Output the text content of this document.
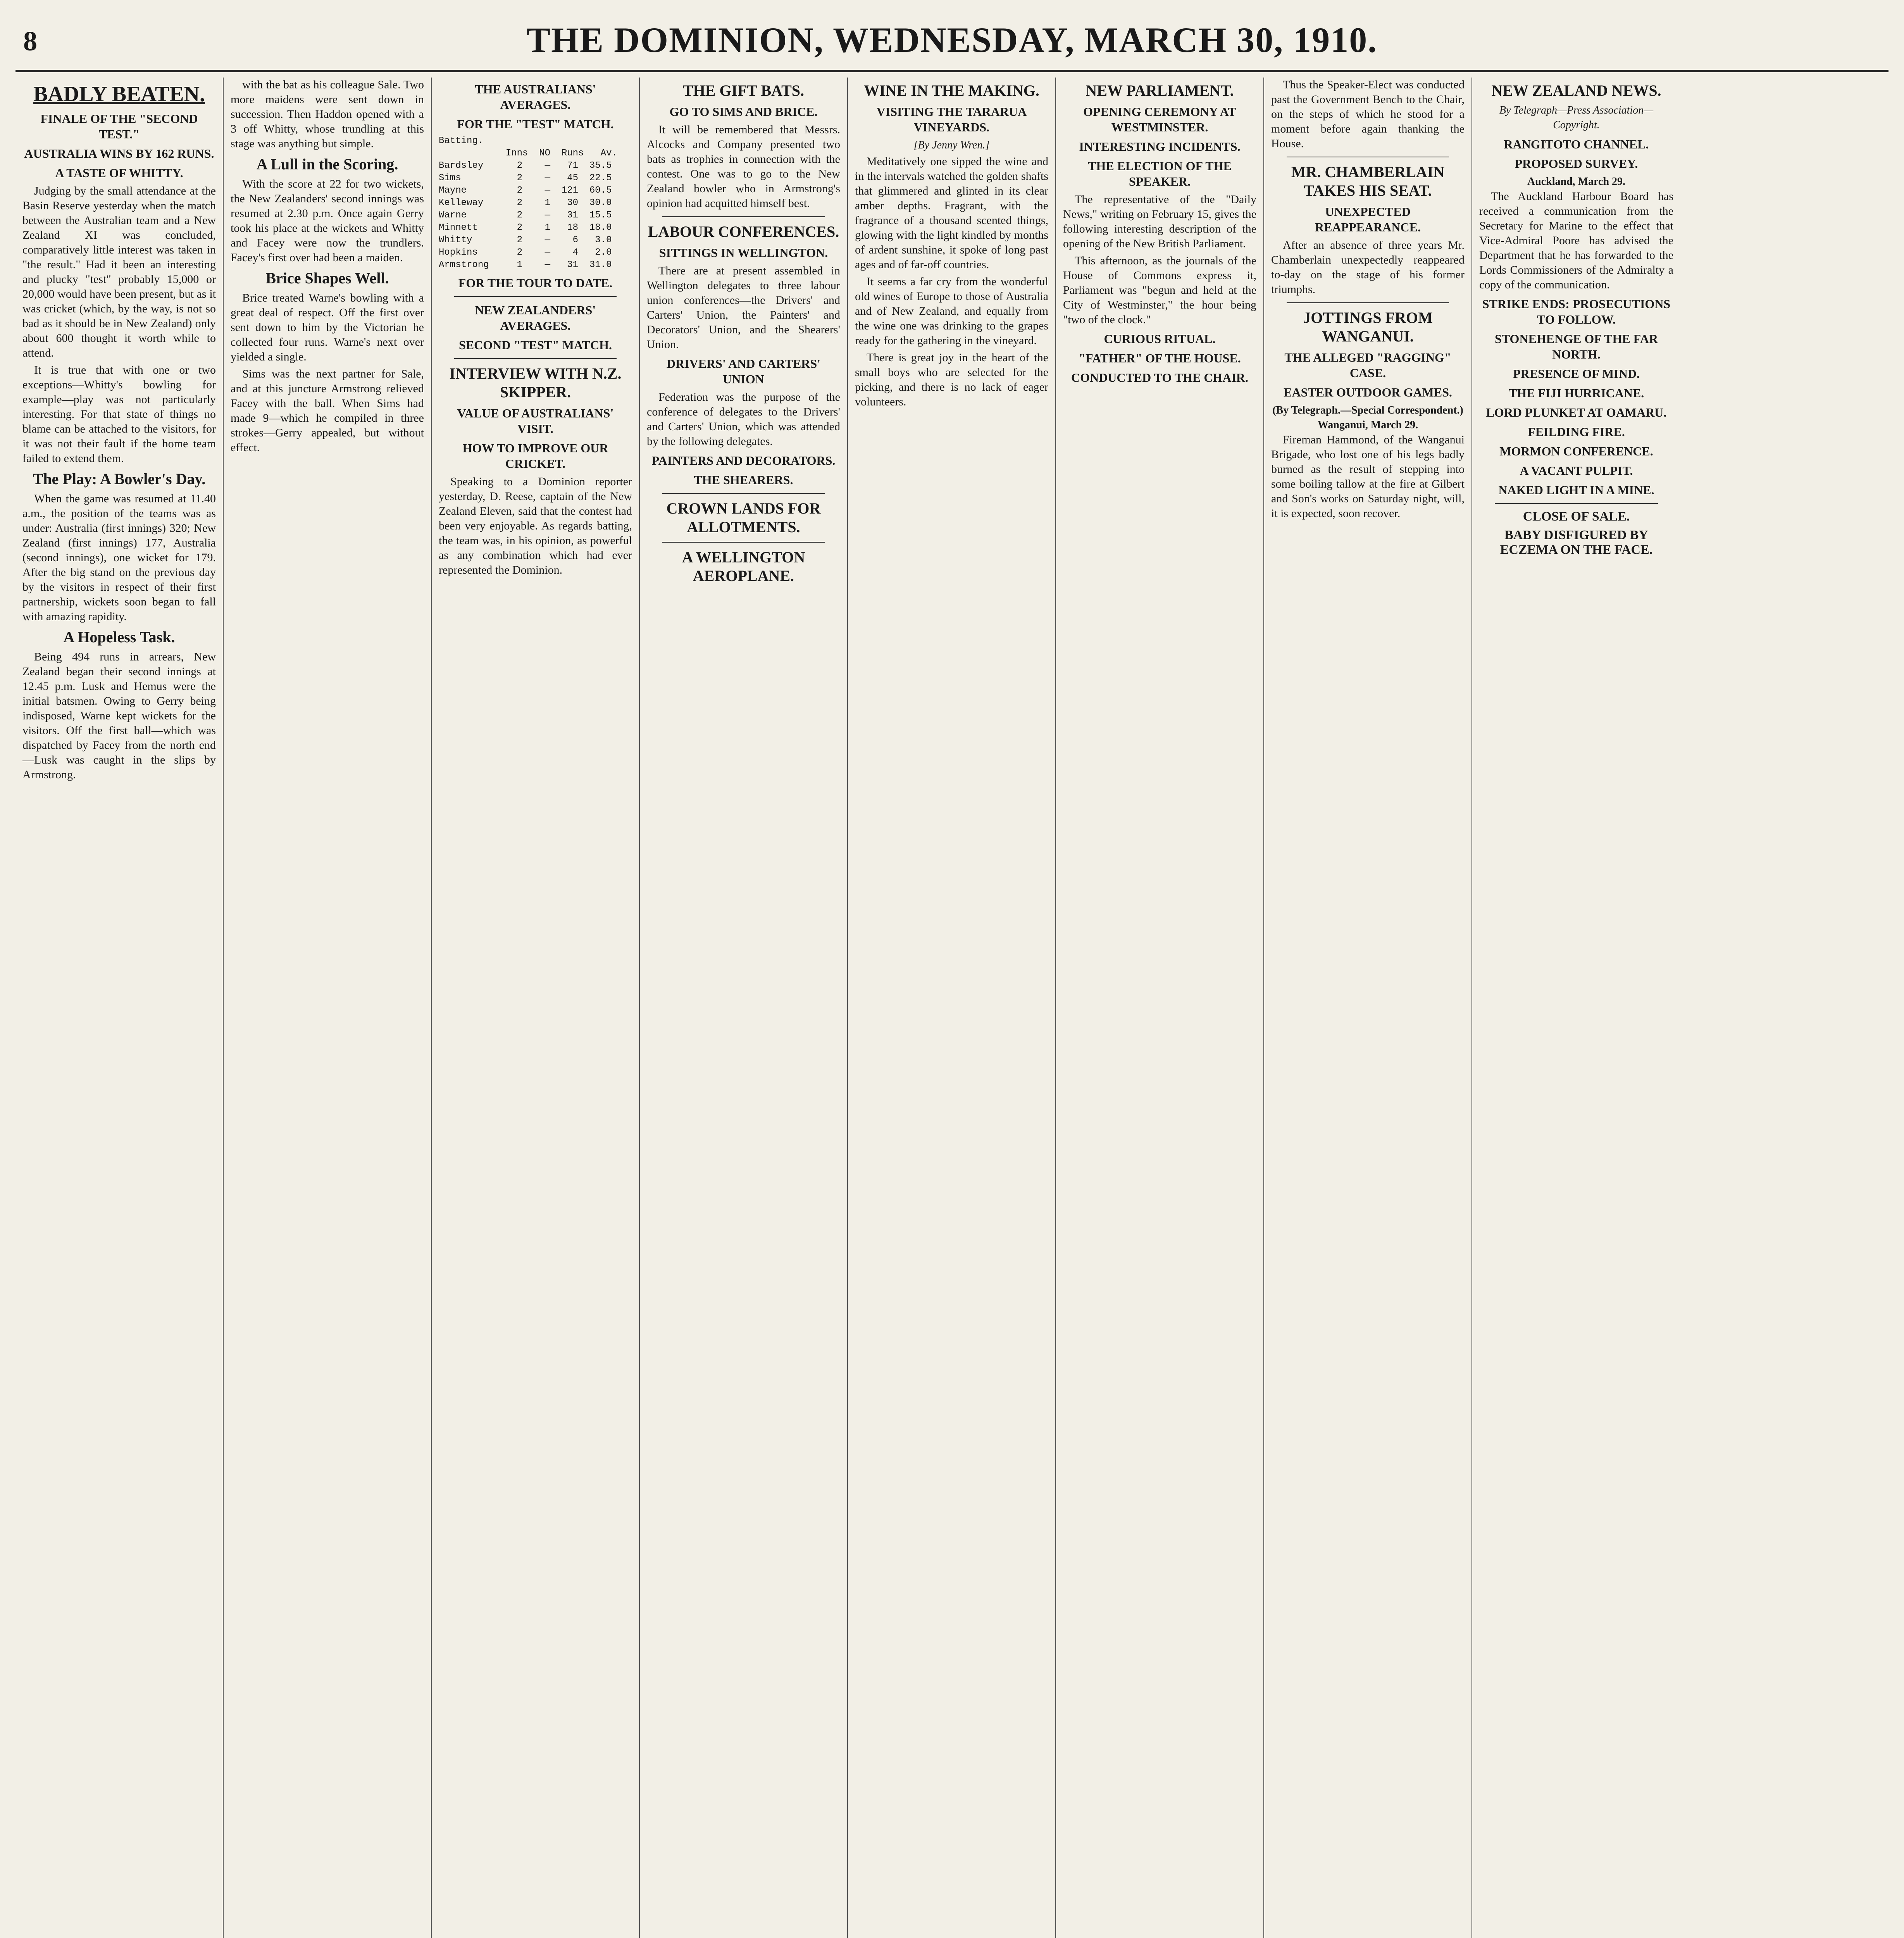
8	THE DOMINION, WEDNESDAY, MARCH 30, 1910.
BADLY BEATEN.
FINALE OF THE "SECOND TEST."
AUSTRALIA WINS BY 162 RUNS.
A TASTE OF WHITTY.

Judging by the small attendance at the Basin Reserve yesterday when the match between the Australian team and a New Zealand XI was concluded, comparatively little interest was taken in "the result." Had it been an interesting and plucky "test" probably 15,000 or 20,000 would have been present, but as it was cricket (which, by the way, is not so bad as it should be in New Zealand) only about 600 thought it worth while to attend.

It is true that with one or two exceptions—Whitty's bowling for example—play was not particularly interesting. For that state of things no blame can be attached to the visitors, for it was not their fault if the home team failed to extend them.

The Play: A Bowler's Day.

When the game was resumed at 11.40 a.m., the position of the teams was as under: Australia (first innings) 320; New Zealand (first innings) 177, Australia (second innings), one wicket for 179. After the big stand on the previous day by the visitors in respect of their first partnership, wickets soon began to fall with amazing rapidity.

A Hopeless Task.

Being 494 runs in arrears, New Zealand began their second innings at 12.45 p.m. Lusk and Hemus were the initial batsmen. Owing to Gerry being indisposed, Warne kept wickets for the visitors. Off the first ball—which was dispatched by Facey from the north end—Lusk was caught in the slips by Armstrong.

with the bat as his colleague Sale. Two more maidens were sent down in succession. Then Haddon opened with a 3 off Whitty, whose trundling at this stage was anything but simple.

A Lull in the Scoring.

With the score at 22 for two wickets, the New Zealanders' second innings was resumed at 2.30 p.m. Once again Gerry took his place at the wickets and Whitty and Facey were now the trundlers. Facey's first over had been a maiden.

Brice Shapes Well.

Brice treated Warne's bowling with a great deal of respect. Off the first over sent down to him by the Victorian he collected four runs. Warne's next over yielded a single.

Sims was the next partner for Sale, and at this juncture Armstrong relieved Facey with the ball. When Sims had made 9—which he compiled in three strokes—Gerry appealed, but without effect.

THE AUSTRALIANS' AVERAGES.
FOR THE "TEST" MATCH.
Batting.
Inns  NO  Runs   Av.
Bardsley      2    —   71  35.5
Sims          2    —   45  22.5
Mayne         2    —  121  60.5
Kelleway      2    1   30  30.0
Warne         2    —   31  15.5
Minnett       2    1   18  18.0
Whitty        2    —    6   3.0
Hopkins       2    —    4   2.0
Armstrong     1    —   31  31.0
FOR THE TOUR TO DATE.
NEW ZEALANDERS' AVERAGES.
SECOND "TEST" MATCH.
INTERVIEW WITH N.Z. SKIPPER.
VALUE OF AUSTRALIANS' VISIT.
HOW TO IMPROVE OUR CRICKET.

Speaking to a Dominion reporter yesterday, D. Reese, captain of the New Zealand Eleven, said that the contest had been very enjoyable. As regards batting, the team was, in his opinion, as powerful as any combination which had ever represented the Dominion.

THE GIFT BATS.
GO TO SIMS AND BRICE.

It will be remembered that Messrs. Alcocks and Company presented two bats as trophies in connection with the contest. One was to go to the New Zealand bowler who in Armstrong's opinion had acquitted himself best.

LABOUR CONFERENCES.
SITTINGS IN WELLINGTON.

There are at present assembled in Wellington delegates to three labour union conferences—the Drivers' and Carters' Union, the Painters' and Decorators' Union, and the Shearers' Union.

DRIVERS' AND CARTERS' UNION

Federation was the purpose of the conference of delegates to the Drivers' and Carters' Union, which was attended by the following delegates.

PAINTERS AND DECORATORS.
THE SHEARERS.
CROWN LANDS FOR ALLOTMENTS.
A WELLINGTON AEROPLANE.
WINE IN THE MAKING.
VISITING THE TARARUA VINEYARDS.
[By Jenny Wren.]

Meditatively one sipped the wine and in the intervals watched the golden shafts that glimmered and glinted in its clear amber depths. Fragrant, with the fragrance of a thousand scented things, glowing with the light kindled by months of ardent sunshine, it spoke of long past ages and of far-off countries.

It seems a far cry from the wonderful old wines of Europe to those of Australia and of New Zealand, and equally from the wine one was drinking to the grapes ready for the gathering in the vineyard.

There is great joy in the heart of the small boys who are selected for the picking, and there is no lack of eager volunteers.

NEW PARLIAMENT.
OPENING CEREMONY AT WESTMINSTER.
INTERESTING INCIDENTS.
THE ELECTION OF THE SPEAKER.

The representative of the "Daily News," writing on February 15, gives the following interesting description of the opening of the New British Parliament.

This afternoon, as the journals of the House of Commons express it, Parliament was "begun and held at the City of Westminster," the hour being "two of the clock."

CURIOUS RITUAL.
"FATHER" OF THE HOUSE.
CONDUCTED TO THE CHAIR.

Thus the Speaker-Elect was conducted past the Government Bench to the Chair, on the steps of which he stood for a moment before again thanking the House.

MR. CHAMBERLAIN TAKES HIS SEAT.
UNEXPECTED REAPPEARANCE.

After an absence of three years Mr. Chamberlain unexpectedly reappeared to-day on the stage of his former triumphs.

JOTTINGS FROM WANGANUI.
THE ALLEGED "RAGGING" CASE.
EASTER OUTDOOR GAMES.
(By Telegraph.—Special Correspondent.) Wanganui, March 29.

Fireman Hammond, of the Wanganui Brigade, who lost one of his legs badly burned as the result of stepping into some boiling tallow at the fire at Gilbert and Son's works on Saturday night, will, it is expected, soon recover.

NEW ZEALAND NEWS.
By Telegraph—Press Association—Copyright.
RANGITOTO CHANNEL.
PROPOSED SURVEY.
Auckland, March 29.

The Auckland Harbour Board has received a communication from the Secretary for Marine to the effect that Vice-Admiral Poore has advised the Department that he has forwarded to the Lords Commissioners of the Admiralty a copy of the communication.

STRIKE ENDS: PROSECUTIONS TO FOLLOW.
STONEHENGE OF THE FAR NORTH.
PRESENCE OF MIND.
THE FIJI HURRICANE.
LORD PLUNKET AT OAMARU.
FEILDING FIRE.
MORMON CONFERENCE.
A VACANT PULPIT.
NAKED LIGHT IN A MINE.
CLOSE OF SALE.
BABY DISFIGURED BY ECZEMA ON THE FACE.
